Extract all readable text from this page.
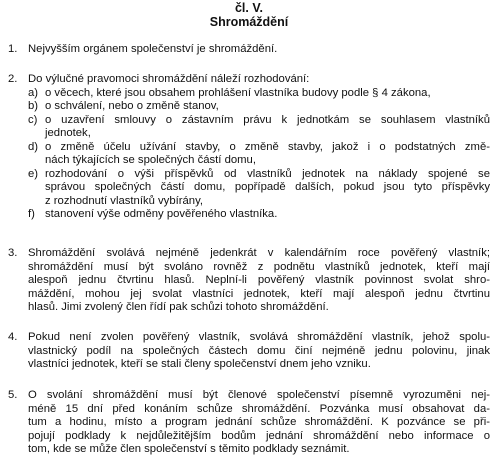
čl. V.
Shromáždění
1. Nejvyšším orgánem společenství je shromáždění.
2. Do výlučné pravomoci shromáždění náleží rozhodování:
a) o věcech, které jsou obsahem prohlášení vlastníka budovy podle § 4 zákona,
b) o schválení, nebo o změně stanov,
c) o uzavření smlouvy o zástavním právu k jednotkám se souhlasem vlastníků
jednotek,
d) o změně účelu užívání stavby, o změně stavby, jakož i o podstatných změ-
nách týkajících se společných částí domu,
e) rozhodování o výši příspěvků od vlastníků jednotek na náklady spojené se
správou společných částí domu, popřípadě dalších, pokud jsou tyto příspěvky
z rozhodnutí vlastníků vybírány,
f) stanovení výše odměny pověřeného vlastníka.
3. Shromáždění svolává nejméně jedenkrát v kalendářním roce pověřený vlastník;
shromáždění musí být svoláno rovněž z podnětu vlastníků jednotek, kteří mají
alespoň jednu čtvrtinu hlasů. Neplní-li pověřený vlastník povinnost svolat shro-
máždění, mohou jej svolat vlastníci jednotek, kteří mají alespoň jednu čtvrtinu
hlasů. Jimi zvolený člen řídí pak schůzi tohoto shromáždění.
4. Pokud není zvolen pověřený vlastník, svolává shromáždění vlastník, jehož spolu-
vlastnický podíl na společných částech domu činí nejméně jednu polovinu, jinak
vlastníci jednotek, kteří se stali členy společenství dnem jeho vzniku.
5. O svolání shromáždění musí být členové společenství písemně vyrozuměni nej-
méně 15 dní před konáním schůze shromáždění. Pozvánka musí obsahovat da-
tum a hodinu, místo a program jednání schůze shromáždění. K pozvánce se při-
pojují podklady k nejdůležitějším bodům jednání shromáždění nebo informace o
tom, kde se může člen společenství s těmito podklady seznámit.
